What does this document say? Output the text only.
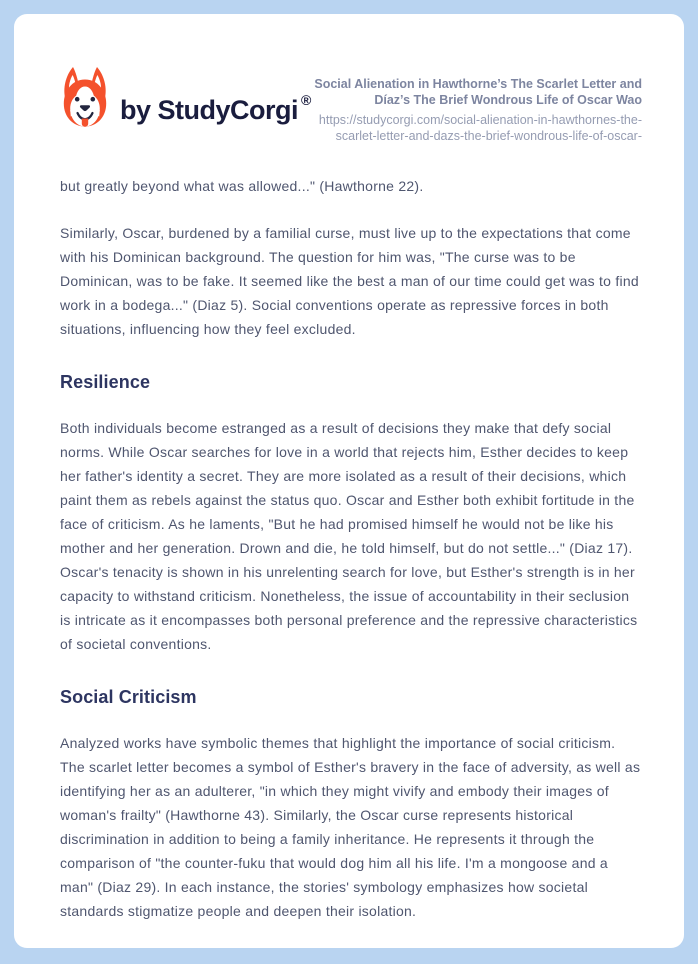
by StudyCorgi ®
Social Alienation in Hawthorne’s The Scarlet Letter and Díaz’s The Brief Wondrous Life of Oscar Wao
https://studycorgi.com/social-alienation-in-hawthornes-the-scarlet-letter-and-dazs-the-brief-wondrous-life-of-oscar-

but greatly beyond what was allowed..." (Hawthorne 22).

Similarly, Oscar, burdened by a familial curse, must live up to the expectations that come with his Dominican background. The question for him was, "The curse was to be Dominican, was to be fake. It seemed like the best a man of our time could get was to find work in a bodega..." (Diaz 5). Social conventions operate as repressive forces in both situations, influencing how they feel excluded.

Resilience

Both individuals become estranged as a result of decisions they make that defy social norms. While Oscar searches for love in a world that rejects him, Esther decides to keep her father's identity a secret. They are more isolated as a result of their decisions, which paint them as rebels against the status quo. Oscar and Esther both exhibit fortitude in the face of criticism. As he laments, "But he had promised himself he would not be like his mother and her generation. Drown and die, he told himself, but do not settle..." (Diaz 17). Oscar's tenacity is shown in his unrelenting search for love, but Esther's strength is in her capacity to withstand criticism. Nonetheless, the issue of accountability in their seclusion is intricate as it encompasses both personal preference and the repressive characteristics of societal conventions.

Social Criticism

Analyzed works have symbolic themes that highlight the importance of social criticism. The scarlet letter becomes a symbol of Esther's bravery in the face of adversity, as well as identifying her as an adulterer, "in which they might vivify and embody their images of woman's frailty" (Hawthorne 43). Similarly, the Oscar curse represents historical discrimination in addition to being a family inheritance. He represents it through the comparison of "the counter-fuku that would dog him all his life. I'm a mongoose and a man" (Diaz 29). In each instance, the stories' symbology emphasizes how societal standards stigmatize people and deepen their isolation.
